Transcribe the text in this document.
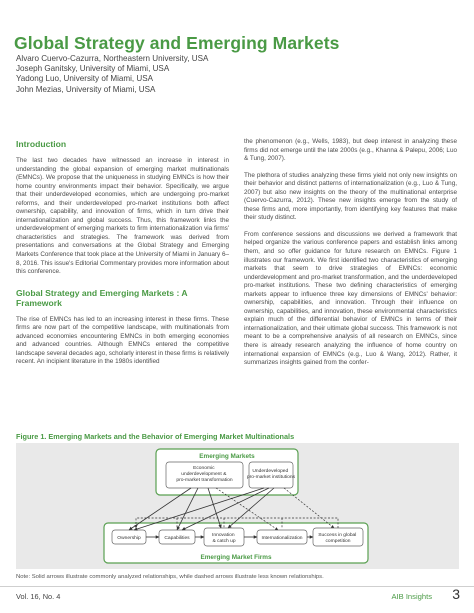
Global Strategy and Emerging Markets
Alvaro Cuervo-Cazurra, Northeastern University, USA
Joseph Ganitsky, University of Miami, USA
Yadong Luo, University of Miami, USA
John Mezias, University of Miami, USA
Introduction

The last two decades have witnessed an increase in interest in understanding the global expansion of emerging market multinationals (EMNCs). We propose that the uniqueness in studying EMNCs is how their home country environments impact their behavior. Specifically, we argue that their underdeveloped economies, which are undergoing pro-market reforms, and their underdeveloped pro-market institutions both affect ownership, capability, and innovation of firms, which in turn drive their internationalization and global success. Thus, this framework links the underdevelopment of emerging markets to firm internationalization via firms' characteristics and strategies. The framework was derived from presentations and conversations at the Global Strategy and Emerging Markets Conference that took place at the University of Miami in January 6–8, 2016. This issue's Editorial Commentary provides more information about this conference.

Global Strategy and Emerging Markets : A Framework

The rise of EMNCs has led to an increasing interest in these firms. These firms are now part of the competitive landscape, with multinationals from advanced economies encountering EMNCs in both emerging economies and advanced countries. Although EMNCs entered the competitive landscape several decades ago, scholarly interest in these firms is relatively recent. An incipient literature in the 1980s identified

the phenomenon (e.g., Wells, 1983), but deep interest in analyzing these firms did not emerge until the late 2000s (e.g., Khanna & Palepu, 2006; Luo & Tung, 2007).

The plethora of studies analyzing these firms yield not only new insights on their behavior and distinct patterns of internationalization (e.g., Luo & Tung, 2007) but also new insights on the theory of the multinational enterprise (Cuervo-Cazurra, 2012). These new insights emerge from the study of these firms and, more importantly, from identifying key features that make their study distinct.

From conference sessions and discussions we derived a framework that helped organize the various conference papers and establish links among them, and so offer guidance for future research on EMNCs. Figure 1 illustrates our framework. We first identified two characteristics of emerging markets that seem to drive strategies of EMNCs: economic underdevelopment and pro-market transformation, and the underdeveloped pro-market institutions. These two defining characteristics of emerging markets appear to influence three key dimensions of EMNCs' behavior: ownership, capabilities, and innovation. Through their influence on ownership, capabilities, and innovation, these environmental characteristics explain much of the differential behavior of EMNCs in terms of their internationalization, and their ultimate global success. This framework is not meant to be a comprehensive analysis of all research on EMNCs, since there is already research analyzing the influence of home country on international expansion of EMNCs (e.g., Luo & Wang, 2012). Rather, it summarizes insights gained from the confer-

Figure 1. Emerging Markets and the Behavior of Emerging Market Multinationals
Emerging Markets
Economic underdevelopment & pro-market transformation
Underdeveloped pro-market institutions
Emerging Market Firms
Ownership	Capabilities
Innovation & catch up
Internationalization
Success in global competition
Note: Solid arrows illustrate commonly analyzed relationships, while dashed arrows illustrate less known relationships.
Vol. 16, No. 4	AIB Insights 3
